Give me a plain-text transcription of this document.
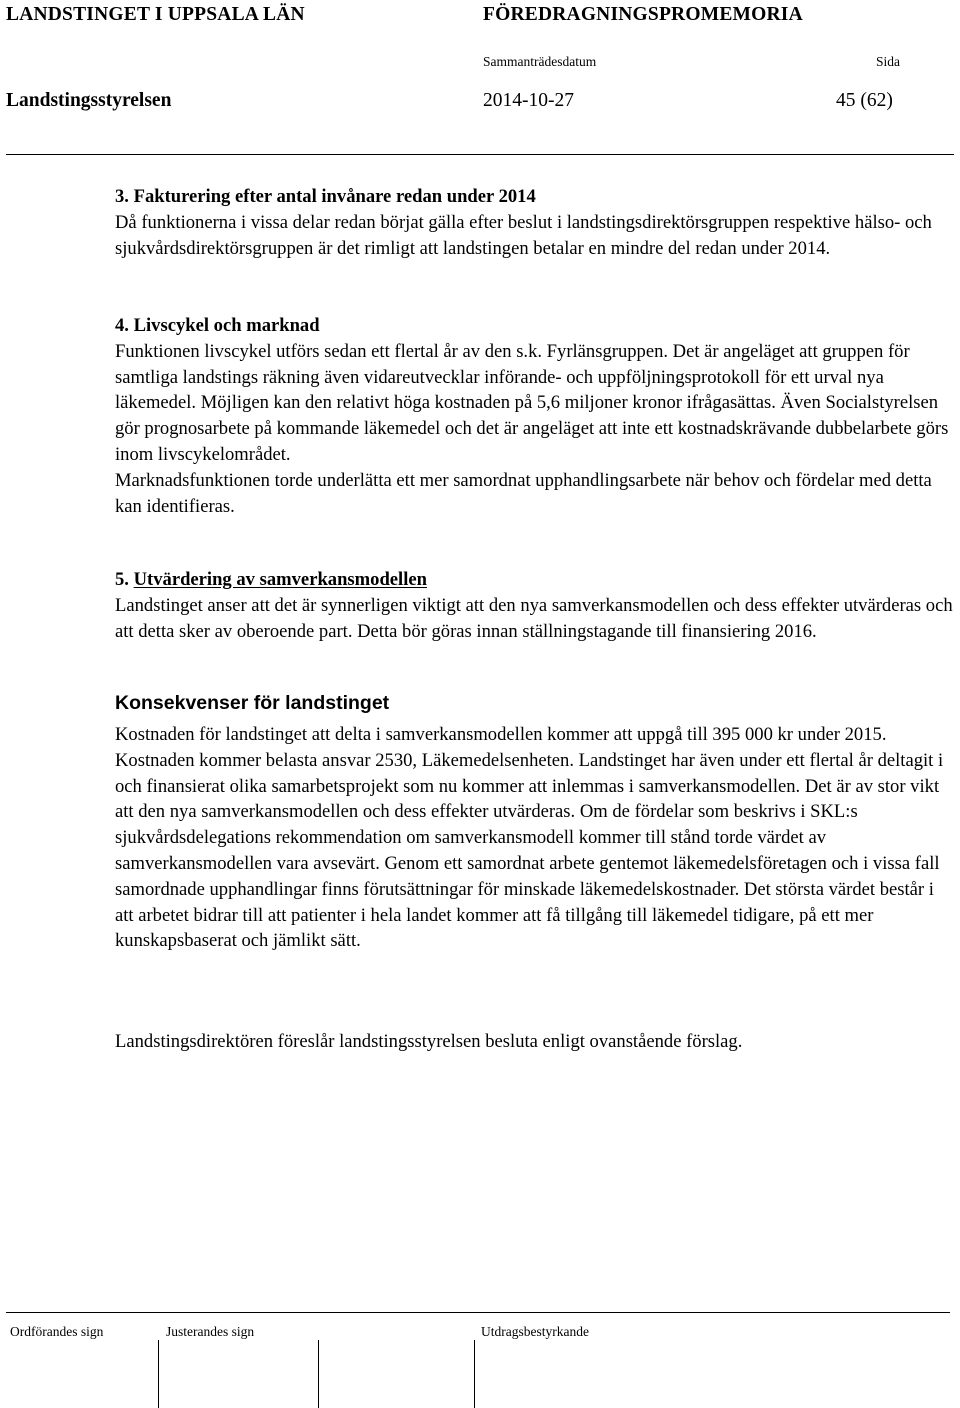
LANDSTINGET I UPPSALA LÄN	FÖREDRAGNINGSPROMEMORIA
Sammanträdesdatum	Sida
Landstingsstyrelsen	2014-10-27	45 (62)

3. Fakturering efter antal invånare redan under 2014

Då funktionerna i vissa delar redan börjat gälla efter beslut i landstingsdirektörsgruppen respektive hälso- och sjukvårdsdirektörsgruppen är det rimligt att landstingen betalar en mindre del redan under 2014.

4. Livscykel och marknad

Funktionen livscykel utförs sedan ett flertal år av den s.k. Fyrlänsgruppen. Det är angeläget att gruppen för samtliga landstings räkning även vidareutvecklar införande- och uppföljningsprotokoll för ett urval nya läkemedel. Möjligen kan den relativt höga kostnaden på 5,6 miljoner kronor ifrågasättas. Även Socialstyrelsen gör prognosarbete på kommande läkemedel och det är angeläget att inte ett kostnadskrävande dubbelarbete görs inom livscykelområdet.

Marknadsfunktionen torde underlätta ett mer samordnat upphandlingsarbete när behov och fördelar med detta kan identifieras.

5. Utvärdering av samverkansmodellen

Landstinget anser att det är synnerligen viktigt att den nya samverkansmodellen och dess effekter utvärderas och att detta sker av oberoende part. Detta bör göras innan ställningstagande till finansiering 2016.

Konsekvenser för landstinget

Kostnaden för landstinget att delta i samverkansmodellen kommer att uppgå till 395 000 kr under 2015. Kostnaden kommer belasta ansvar 2530, Läkemedelsenheten. Landstinget har även under ett flertal år deltagit i och finansierat olika samarbetsprojekt som nu kommer att inlemmas i samverkansmodellen. Det är av stor vikt att den nya samverkansmodellen och dess effekter utvärderas. Om de fördelar som beskrivs i SKL:s sjukvårdsdelegations rekommendation om samverkansmodell kommer till stånd torde värdet av samverkansmodellen vara avsevärt. Genom ett samordnat arbete gentemot läkemedelsföretagen och i vissa fall samordnade upphandlingar finns förutsättningar för minskade läkemedelskostnader. Det största värdet består i att arbetet bidrar till att patienter i hela landet kommer att få tillgång till läkemedel tidigare, på ett mer kunskapsbaserat och jämlikt sätt.

Landstingsdirektören föreslår landstingsstyrelsen besluta enligt ovanstående förslag.

Ordförandes sign	Justerandes sign	Utdragsbestyrkande
